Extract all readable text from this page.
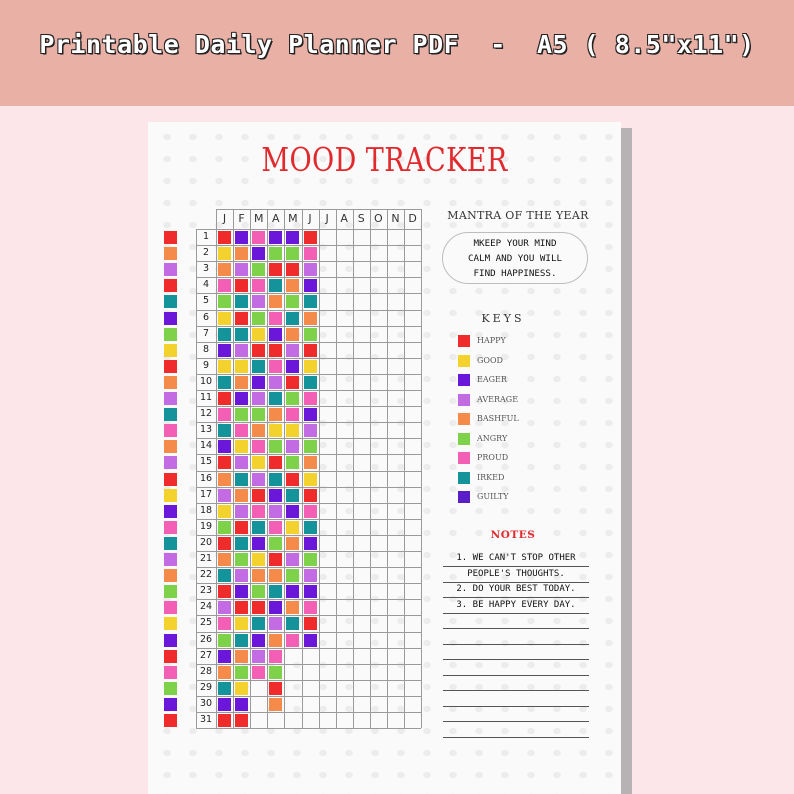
Printable Daily Planner PDF  -  A5 ( 8.5"x11")
MOOD TRACKER
J	F M A M J	J	A S O N D
1
2
3
4
5
6
7
8
9
10
11
12
13
14
15
16
17
18
19
20
21
22
23
24
25
26
27
28
29
30
31
MANTRA OF THE YEAR
MKEEP YOUR MIND
CALM AND YOU WILL
FIND HAPPINESS.
KEYS
HAPPY
GOOD
EAGER
AVERAGE
BASHFUL
ANGRY
PROUD
IRKED
GUILTY
NOTES
1. WE CAN'T STOP OTHER
PEOPLE'S THOUGHTS.
2. DO YOUR BEST TODAY.
3. BE HAPPY EVERY DAY.
